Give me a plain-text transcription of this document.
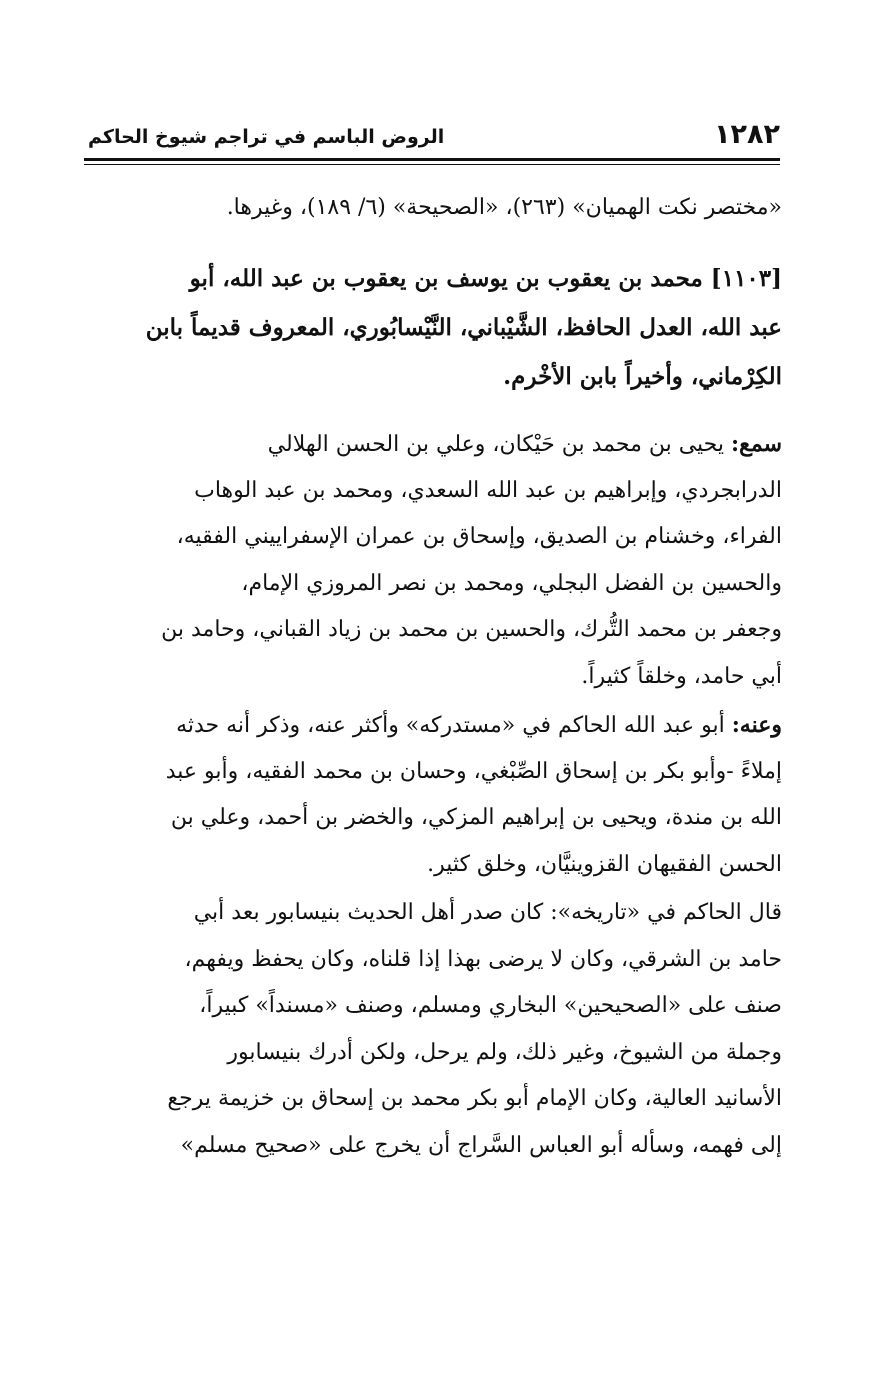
١٢٨٢
الروض الباسم في تراجم شيوخ الحاكم
«مختصر نكت الهميان» (٢٦٣)، «الصحيحة» (٦/ ١٨٩)، وغيرها.
[١١٠٣] محمد بن يعقوب بن يوسف بن يعقوب بن عبد الله، أبو
عبد الله، العدل الحافظ، الشَّيْباني، النَّيْسابُوري، المعروف قديماً بابن
الكِرْماني، وأخيراً بابن الأخْرم.
سمع: يحيى بن محمد بن حَيْكان، وعلي بن الحسن الهلالي
الدرابجردي، وإبراهيم بن عبد الله السعدي، ومحمد بن عبد الوهاب
الفراء، وخشنام بن الصديق، وإسحاق بن عمران الإسفراييني الفقيه،
والحسين بن الفضل البجلي، ومحمد بن نصر المروزي الإمام،
وجعفر بن محمد التُّرك، والحسين بن محمد بن زياد القباني، وحامد بن
أبي حامد، وخلقاً كثيراً.
وعنه: أبو عبد الله الحاكم في «مستدركه» وأكثر عنه، وذكر أنه حدثه
إملاءً -وأبو بكر بن إسحاق الصِّبْغي، وحسان بن محمد الفقيه، وأبو عبد
الله بن مندة، ويحيى بن إبراهيم المزكي، والخضر بن أحمد، وعلي بن
الحسن الفقيهان القزوينيَّان، وخلق كثير.
قال الحاكم في «تاريخه»: كان صدر أهل الحديث بنيسابور بعد أبي
حامد بن الشرقي، وكان لا يرضى بهذا إذا قلناه، وكان يحفظ ويفهم،
صنف على «الصحيحين» البخاري ومسلم، وصنف «مسنداً» كبيراً،
وجملة من الشيوخ، وغير ذلك، ولم يرحل، ولكن أدرك بنيسابور
الأسانيد العالية، وكان الإمام أبو بكر محمد بن إسحاق بن خزيمة يرجع
إلى فهمه، وسأله أبو العباس السَّراج أن يخرج على «صحيح مسلم»
